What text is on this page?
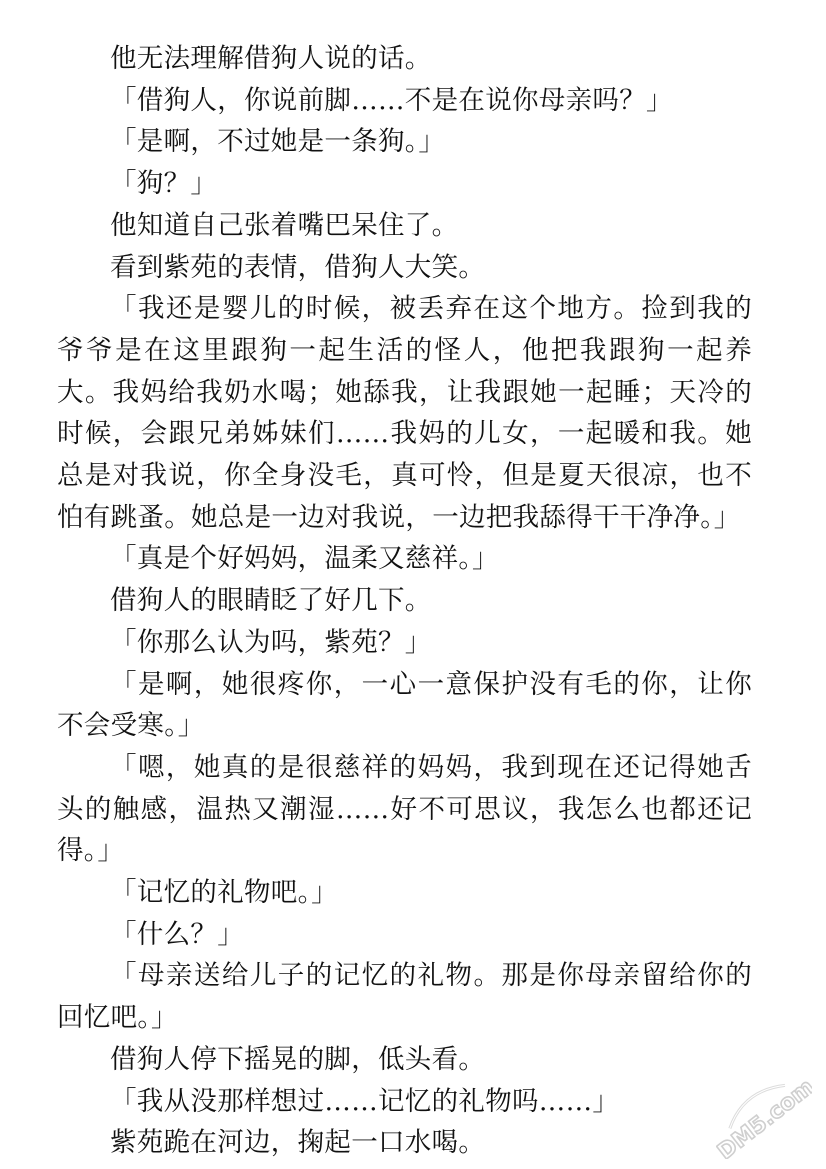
他无法理解借狗人说的话。

「借狗人，你说前脚……不是在说你母亲吗？」

「是啊，不过她是一条狗。」

「狗？」

他知道自己张着嘴巴呆住了。

看到紫苑的表情，借狗人大笑。

「我还是婴儿的时候，被丢弃在这个地方。捡到我的爷爷是在这里跟狗一起生活的怪人，他把我跟狗一起养大。我妈给我奶水喝；她舔我，让我跟她一起睡；天冷的时候，会跟兄弟姊妹们……我妈的儿女，一起暖和我。她总是对我说，你全身没毛，真可怜，但是夏天很凉，也不怕有跳蚤。她总是一边对我说，一边把我舔得干干净净。」

「真是个好妈妈，温柔又慈祥。」

借狗人的眼睛眨了好几下。

「你那么认为吗，紫苑？」

「是啊，她很疼你，一心一意保护没有毛的你，让你不会受寒。」

「嗯，她真的是很慈祥的妈妈，我到现在还记得她舌头的触感，温热又潮湿……好不可思议，我怎么也都还记得。」

「记忆的礼物吧。」

「什么？」

「母亲送给儿子的记忆的礼物。那是你母亲留给你的回忆吧。」

借狗人停下摇晃的脚，低头看。

「我从没那样想过……记忆的礼物吗……」

紫苑跪在河边，掬起一口水喝。	DM5.com
